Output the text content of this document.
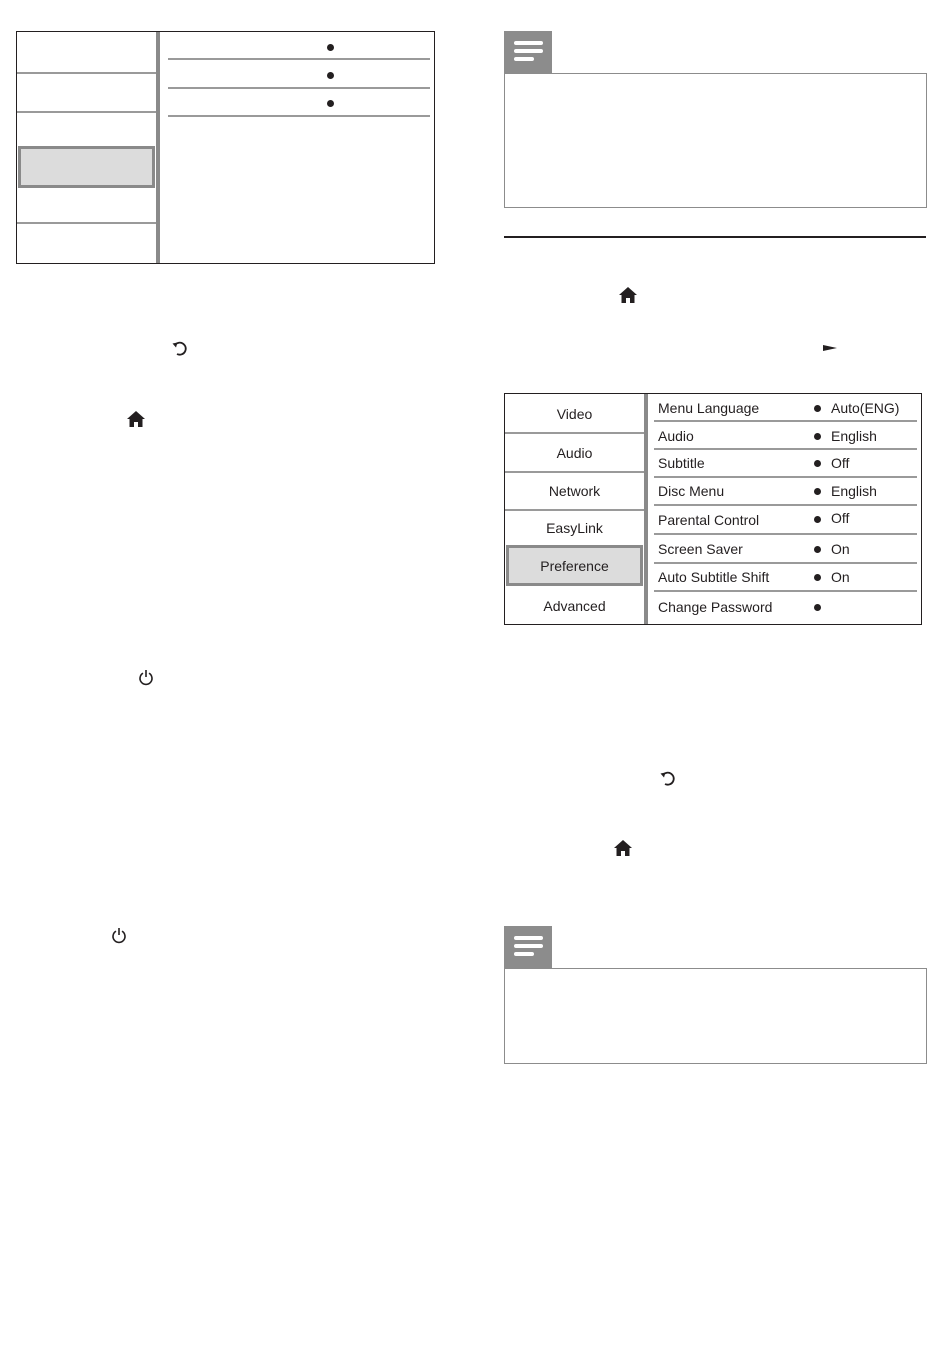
Video
Audio
Network
EasyLink
Preference
Advanced
Menu Language	Auto(ENG)
Audio	English
Subtitle	Off
Disc Menu	English
Parental Control	Off
Screen Saver	On
Auto Subtitle Shift	On
Change Password
